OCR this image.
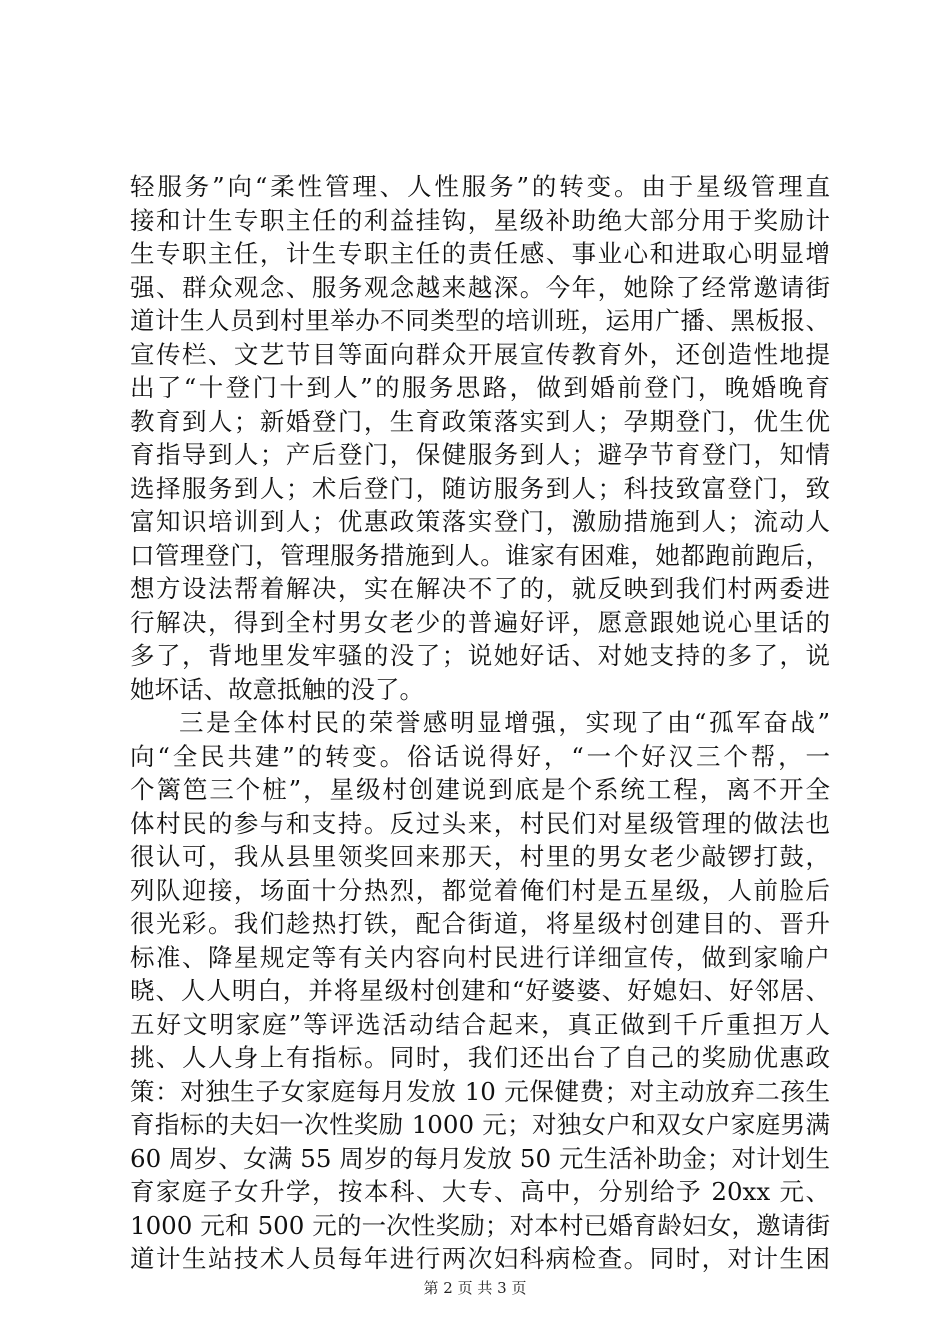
轻服务”向“柔性管理、人性服务”的转变。由于星级管理直
接和计生专职主任的利益挂钩，星级补助绝大部分用于奖励计
生专职主任，计生专职主任的责任感、事业心和进取心明显增
强、群众观念、服务观念越来越深。今年，她除了经常邀请街
道计生人员到村里举办不同类型的培训班，运用广播、黑板报、
宣传栏、文艺节目等面向群众开展宣传教育外，还创造性地提
出了“十登门十到人”的服务思路，做到婚前登门，晚婚晚育
教育到人；新婚登门，生育政策落实到人；孕期登门，优生优
育指导到人；产后登门，保健服务到人；避孕节育登门，知情
选择服务到人；术后登门，随访服务到人；科技致富登门，致
富知识培训到人；优惠政策落实登门，激励措施到人；流动人
口管理登门，管理服务措施到人。谁家有困难，她都跑前跑后，
想方设法帮着解决，实在解决不了的，就反映到我们村两委进
行解决，得到全村男女老少的普遍好评，愿意跟她说心里话的
多了，背地里发牢骚的没了；说她好话、对她支持的多了，说
她坏话、故意抵触的没了。
三是全体村民的荣誉感明显增强，实现了由“孤军奋战”
向“全民共建”的转变。俗话说得好，“一个好汉三个帮，一
个篱笆三个桩”，星级村创建说到底是个系统工程，离不开全
体村民的参与和支持。反过头来，村民们对星级管理的做法也
很认可，我从县里领奖回来那天，村里的男女老少敲锣打鼓，
列队迎接，场面十分热烈，都觉着俺们村是五星级，人前脸后
很光彩。我们趁热打铁，配合街道，将星级村创建目的、晋升
标准、降星规定等有关内容向村民进行详细宣传，做到家喻户
晓、人人明白，并将星级村创建和“好婆婆、好媳妇、好邻居、
五好文明家庭”等评选活动结合起来，真正做到千斤重担万人
挑、人人身上有指标。同时，我们还出台了自己的奖励优惠政
策：对独生子女家庭每月发放 10 元保健费；对主动放弃二孩生
育指标的夫妇一次性奖励 1000 元；对独女户和双女户家庭男满
60 周岁、女满 55 周岁的每月发放 50 元生活补助金；对计划生
育家庭子女升学，按本科、大专、高中，分别给予 20xx 元、
1000 元和 500 元的一次性奖励；对本村已婚育龄妇女，邀请街
道计生站技术人员每年进行两次妇科病检查。同时，对计生困
第 2 页 共 3 页
